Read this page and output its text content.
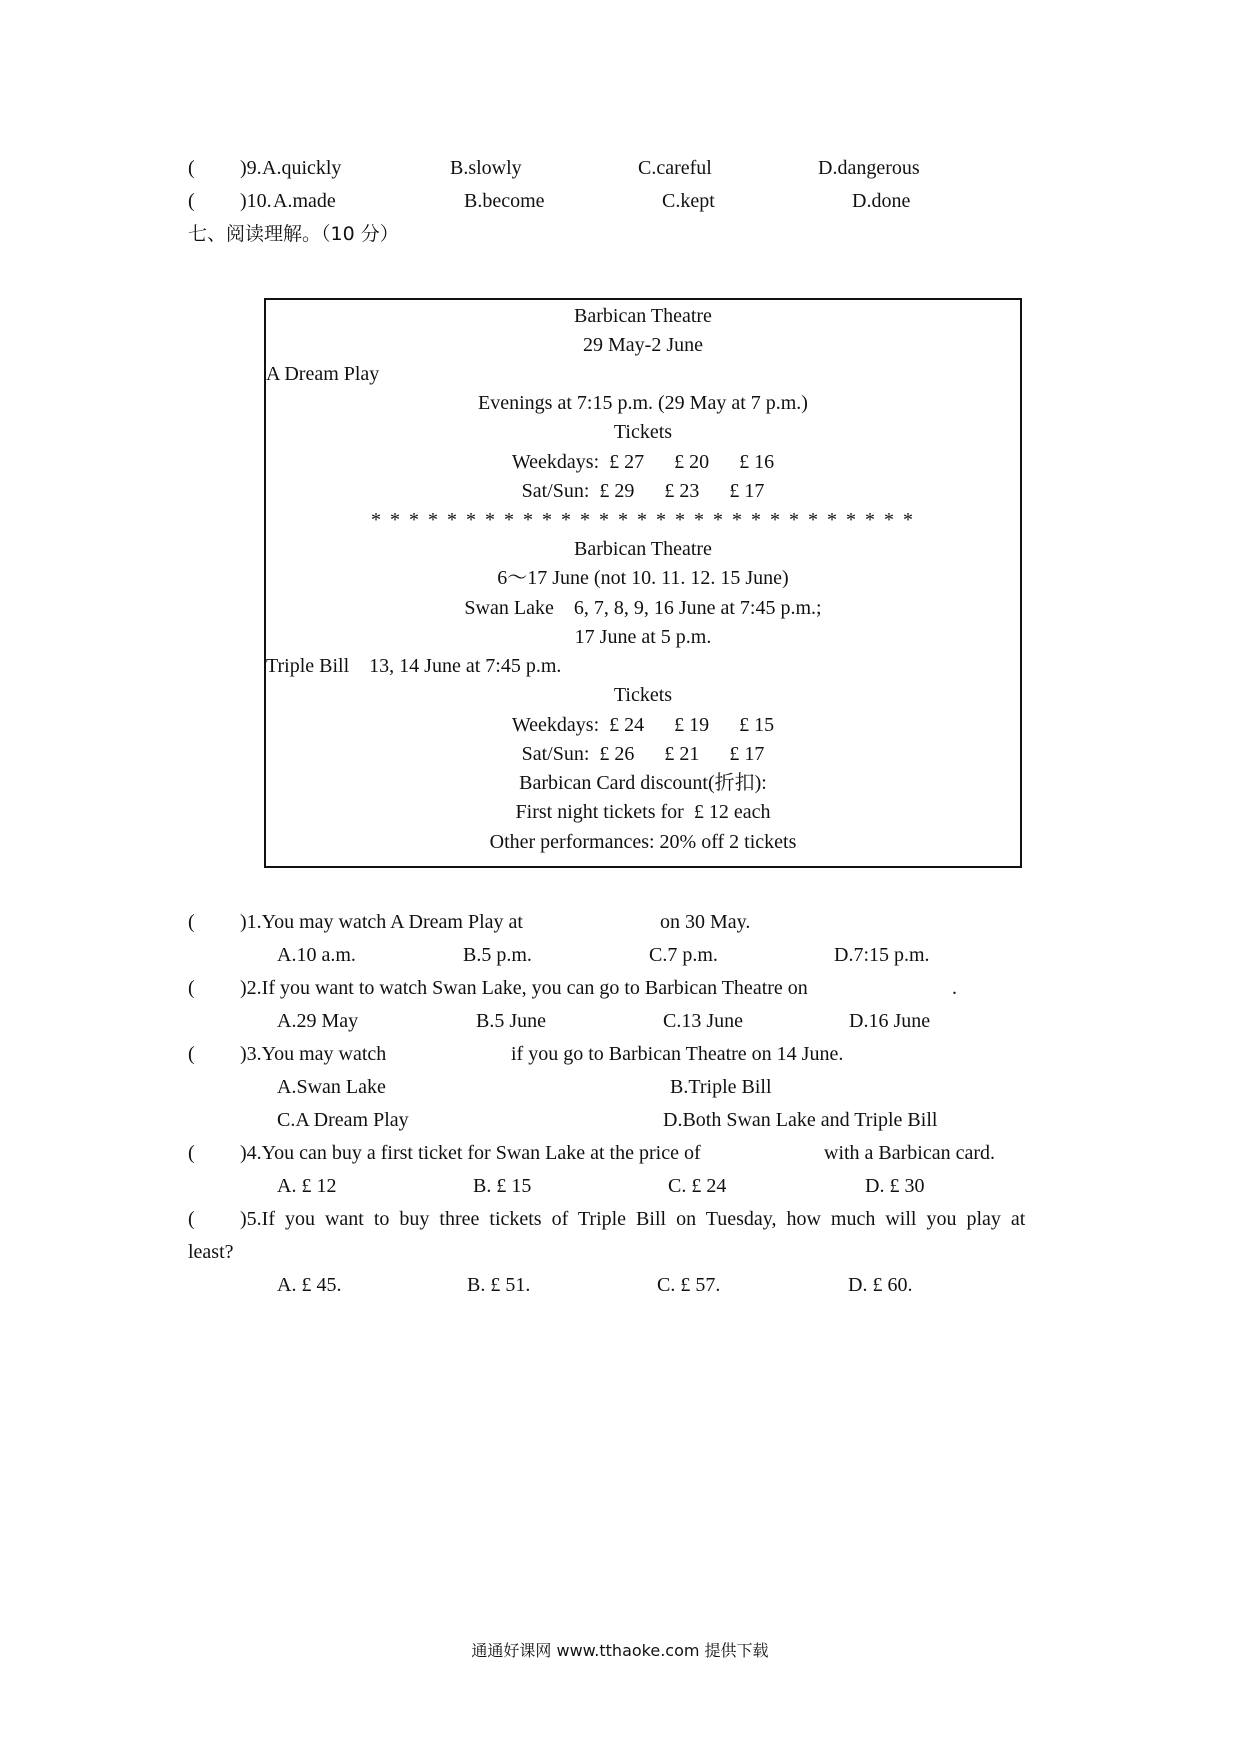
( )9. A.quickly	B.slowly	C.careful	D.dangerous
( )10. A.made	B.become	C.kept	D.done
七、阅读理解。（10 分）
Barbican Theatre
29 May-2 June
A Dream Play
Evenings at 7:15 p.m. (29 May at 7 p.m.)
Tickets
Weekdays:  £ 27      £ 20      £ 16
Sat/Sun:  £ 29      £ 23      £ 17
* * * * * * * * * * * * * * * * * * * * * * * * * * * * *
Barbican Theatre
6～17 June (not 10. 11. 12. 15 June)
Swan Lake    6, 7, 8, 9, 16 June at 7:45 p.m.;
17 June at 5 p.m.
Triple Bill    13, 14 June at 7:45 p.m.
Tickets
Weekdays:  £ 24      £ 19      £ 15
Sat/Sun:  £ 26      £ 21      £ 17
Barbican Card discount(折扣):
First night tickets for  £ 12 each
Other performances: 20% off 2 tickets
( )1.You may watch A Dream Play at	on 30 May.
A.10 a.m.	B.5 p.m.	C.7 p.m.	D.7:15 p.m.
( )2.If you want to watch Swan Lake, you can go to Barbican Theatre on	.
A.29 May	B.5 June	C.13 June	D.16 June
( )3.You may watch	if you go to Barbican Theatre on 14 June.
A.Swan Lake	B.Triple Bill
C.A Dream Play	D.Both Swan Lake and Triple Bill
( )4.You can buy a first ticket for Swan Lake at the price of	with a Barbican card.
A. £ 12	B. £ 15	C. £ 24	D. £ 30
( )5.If  you  want  to  buy  three  tickets  of  Triple  Bill  on  Tuesday,  how  much  will  you  play  at
least?
A. £ 45.	B. £ 51.	C. £ 57.	D. £ 60.
通通好课网 www.tthaoke.com 提供下载
